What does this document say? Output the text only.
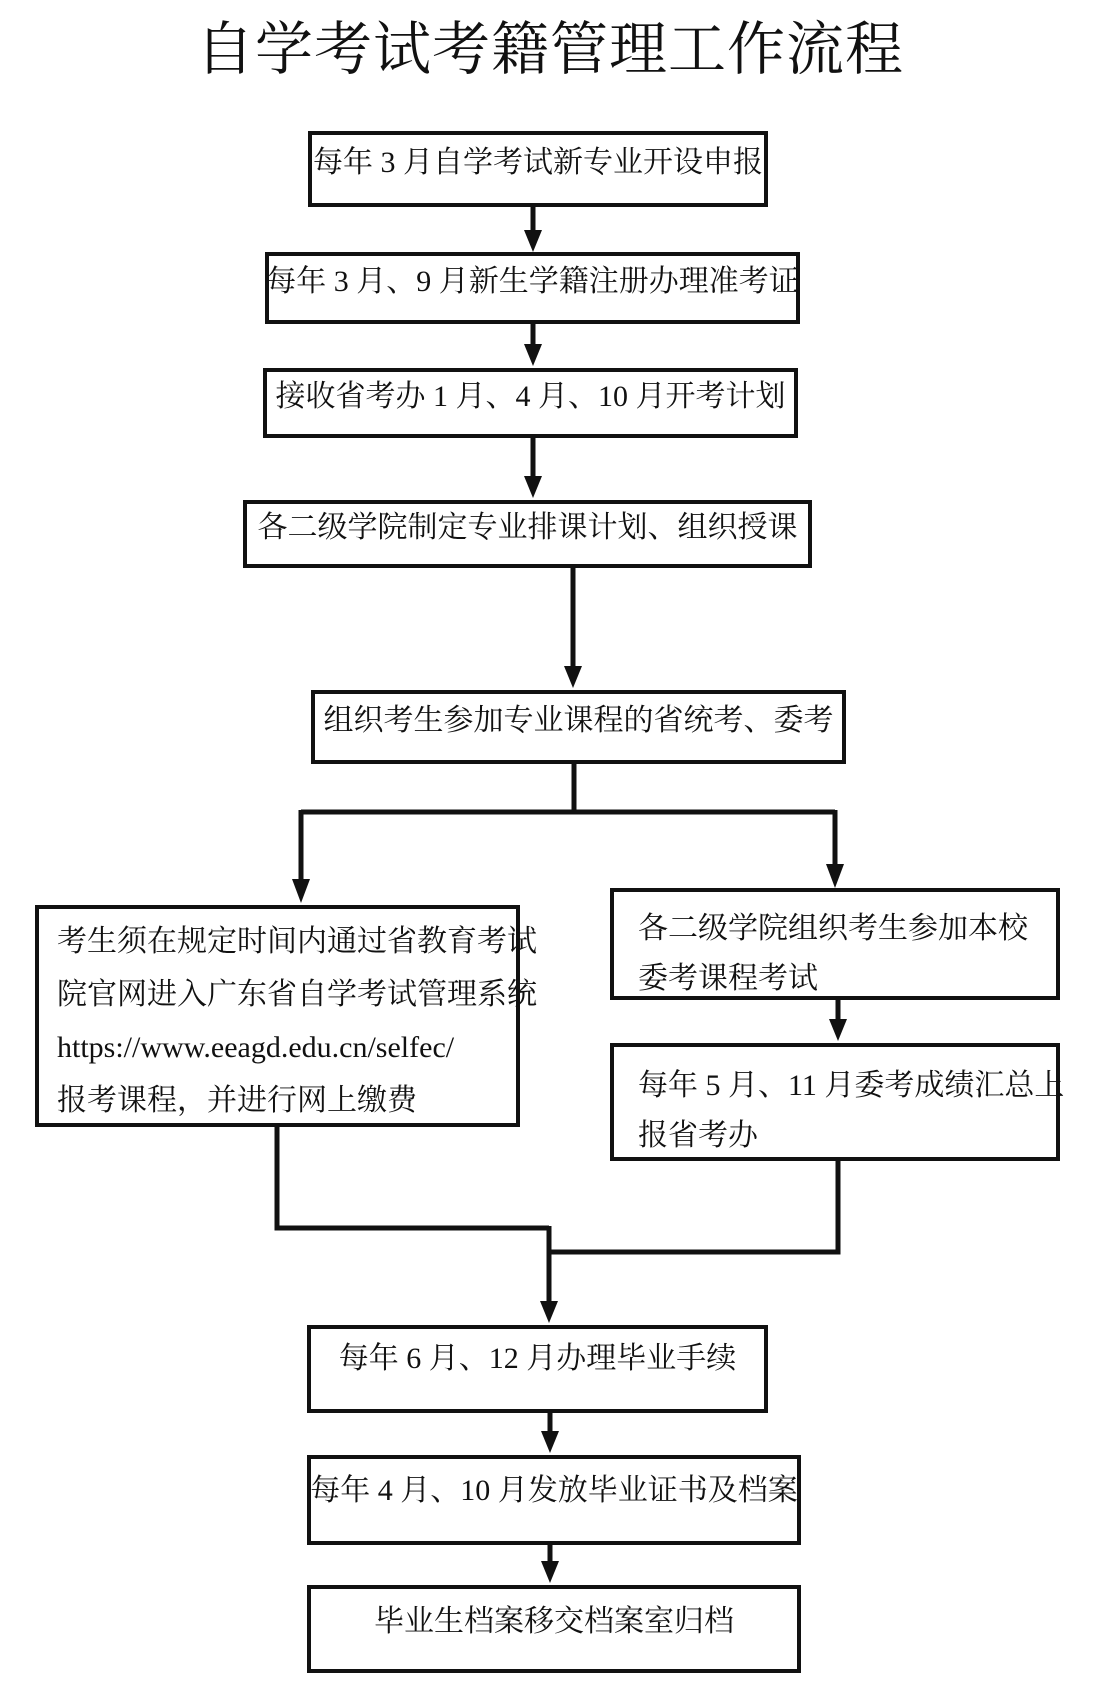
自学考试考籍管理工作流程
每年 3 月自学考试新专业开设申报
每年 3 月、9 月新生学籍注册办理准考证
接收省考办 1 月、4 月、10 月开考计划
各二级学院制定专业排课计划、组织授课
组织考生参加专业课程的省统考、委考
考生须在规定时间内通过省教育考试
院官网进入广东省自学考试管理系统
https://www.eeagd.edu.cn/selfec/
报考课程，并进行网上缴费
各二级学院组织考生参加本校
委考课程考试
每年 5 月、11 月委考成绩汇总上
报省考办
每年 6 月、12 月办理毕业手续
每年 4 月、10 月发放毕业证书及档案
毕业生档案移交档案室归档
